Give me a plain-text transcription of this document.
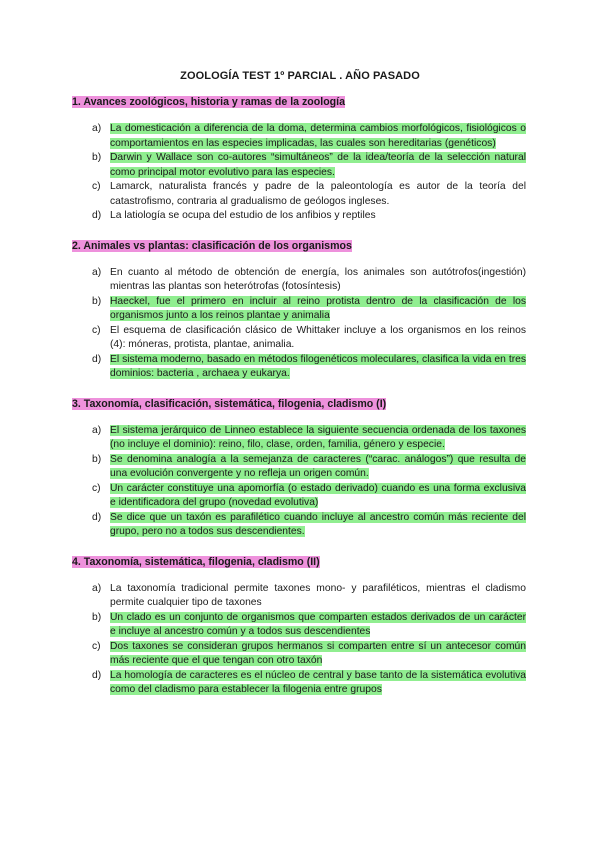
ZOOLOGÍA TEST 1º PARCIAL . AÑO PASADO
1. Avances zoológicos, historia y ramas de la zoología
a) La domesticación a diferencia de la doma, determina cambios morfológicos, fisiológicos o comportamientos en las especies implicadas, las cuales son hereditarias (genéticos)
b) Darwin y Wallace son co-autores “simultáneos” de la idea/teoría de la selección natural como principal motor evolutivo para las especies.
c) Lamarck, naturalista francés y padre de la paleontología es autor de la teoría del catastrofismo, contraria al gradualismo de geólogos ingleses.
d) La latiología se ocupa del estudio de los anfibios y reptiles
2. Animales vs plantas: clasificación de los organismos
a) En cuanto al método de obtención de energía, los animales son autótrofos(ingestión) mientras las plantas son heterótrofas (fotosíntesis)
b) Haeckel, fue el primero en incluir al reino protista dentro de la clasificación de los organismos junto a los reinos plantae y animalia
c) El esquema de clasificación clásico de Whittaker incluye a los organismos en los reinos (4): móneras, protista, plantae, animalia.
d) El sistema moderno, basado en métodos filogenéticos moleculares, clasifica la vida en tres dominios: bacteria , archaea y eukarya.
3. Taxonomía, clasificación, sistemática, filogenia, cladismo (I)
a) El sistema jerárquico de Linneo establece la siguiente secuencia ordenada de los taxones (no incluye el dominio): reino, filo, clase, orden, familia, género y especie.
b) Se denomina analogía a la semejanza de caracteres (“carac. análogos”) que resulta de una evolución convergente y no refleja un origen común.
c) Un carácter constituye una apomorfía (o estado derivado) cuando es una forma exclusiva e identificadora del grupo (novedad evolutiva)
d) Se dice que un taxón es parafilético cuando incluye al ancestro común más reciente del grupo, pero no a todos sus descendientes.
4. Taxonomía, sistemática, filogenia, cladismo (II)
a) La taxonomía tradicional permite taxones mono- y parafiléticos, mientras el cladismo permite cualquier tipo de taxones
b) Un clado es un conjunto de organismos que comparten estados derivados de un carácter e incluye al ancestro común y a todos sus descendientes
c) Dos taxones se consideran grupos hermanos si comparten entre sí un antecesor común más reciente que el que tengan con otro taxón
d) La homología de caracteres es el núcleo de central y base tanto de la sistemática evolutiva como del cladismo para establecer la filogenia entre grupos
